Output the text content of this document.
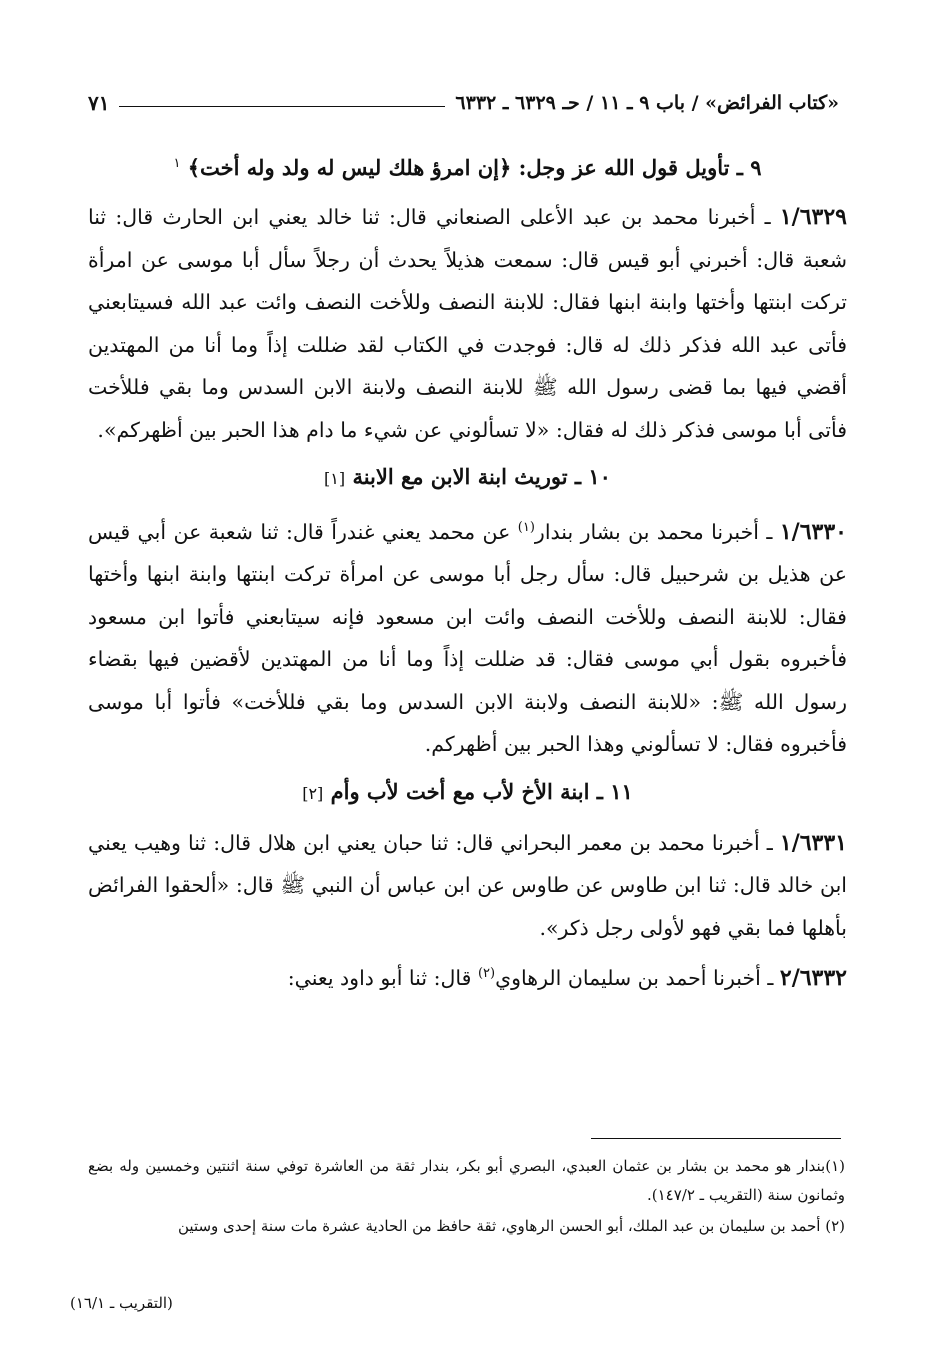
«كتاب الفرائض» / باب ٩ ـ ١١ / حـ ٦٣٢٩ ـ ٦٣٣٢
٧١
٩ ـ تأويل قول الله عز وجل: ﴿إن امرؤ هلك ليس له ولد وله أخت﴾ $^١$

١/٦٣٢٩ ـ أخبرنا محمد بن عبد الأعلى الصنعاني قال: ثنا خالد يعني ابن الحارث قال: ثنا شعبة قال: أخبرني أبو قيس قال: سمعت هذيلاً يحدث أن رجلاً سأل أبا موسى عن امرأة تركت ابنتها وأختها وابنة ابنها فقال: للابنة النصف وللأخت النصف وائت عبد الله فسيتابعني فأتى عبد الله فذكر ذلك له قال: فوجدت في الكتاب لقد ضللت إذاً وما أنا من المهتدين أقضي فيها بما قضى رسول الله ﷺ للابنة النصف ولابنة الابن السدس وما بقي فللأخت فأتى أبا موسى فذكر ذلك له فقال: «لا تسألوني عن شيء ما دام هذا الحبر بين أظهركم».

١٠ ـ توريث ابنة الابن مع الابنة [١]

١/٦٣٣٠ ـ أخبرنا محمد بن بشار بندار$^{(١)}$ عن محمد يعني غندراً قال: ثنا شعبة عن أبي قيس عن هذيل بن شرحبيل قال: سأل رجل أبا موسى عن امرأة تركت ابنتها وابنة ابنها وأختها فقال: للابنة النصف وللأخت النصف وائت ابن مسعود فإنه سيتابعني فأتوا ابن مسعود فأخبروه بقول أبي موسى فقال: قد ضللت إذاً وما أنا من المهتدين لأقضين فيها بقضاء رسول الله ﷺ: «للابنة النصف ولابنة الابن السدس وما بقي فللأخت» فأتوا أبا موسى فأخبروه فقال: لا تسألوني وهذا الحبر بين أظهركم.

١١ ـ ابنة الأخ لأب مع أخت لأب وأم [٢]

١/٦٣٣١ ـ أخبرنا محمد بن معمر البحراني قال: ثنا حبان يعني ابن هلال قال: ثنا وهيب يعني ابن خالد قال: ثنا ابن طاوس عن طاوس عن ابن عباس أن النبي ﷺ قال: «ألحقوا الفرائض بأهلها فما بقي فهو لأولى رجل ذكر».

٢/٦٣٣٢ ـ أخبرنا أحمد بن سليمان الرهاوي$^{(٢)}$ قال: ثنا أبو داود يعني:

(١)بندار هو محمد بن بشار بن عثمان العبدي، البصري أبو بكر، بندار ثقة من العاشرة توفي سنة اثنتين وخمسين وله بضع وثمانون سنة (التقريب ـ ١٤٧/٢).

(٢) أحمد بن سليمان بن عبد الملك، أبو الحسن الرهاوي، ثقة حافظ من الحادية عشرة مات سنة إحدى وستين

(التقريب ـ ١٦/١)
